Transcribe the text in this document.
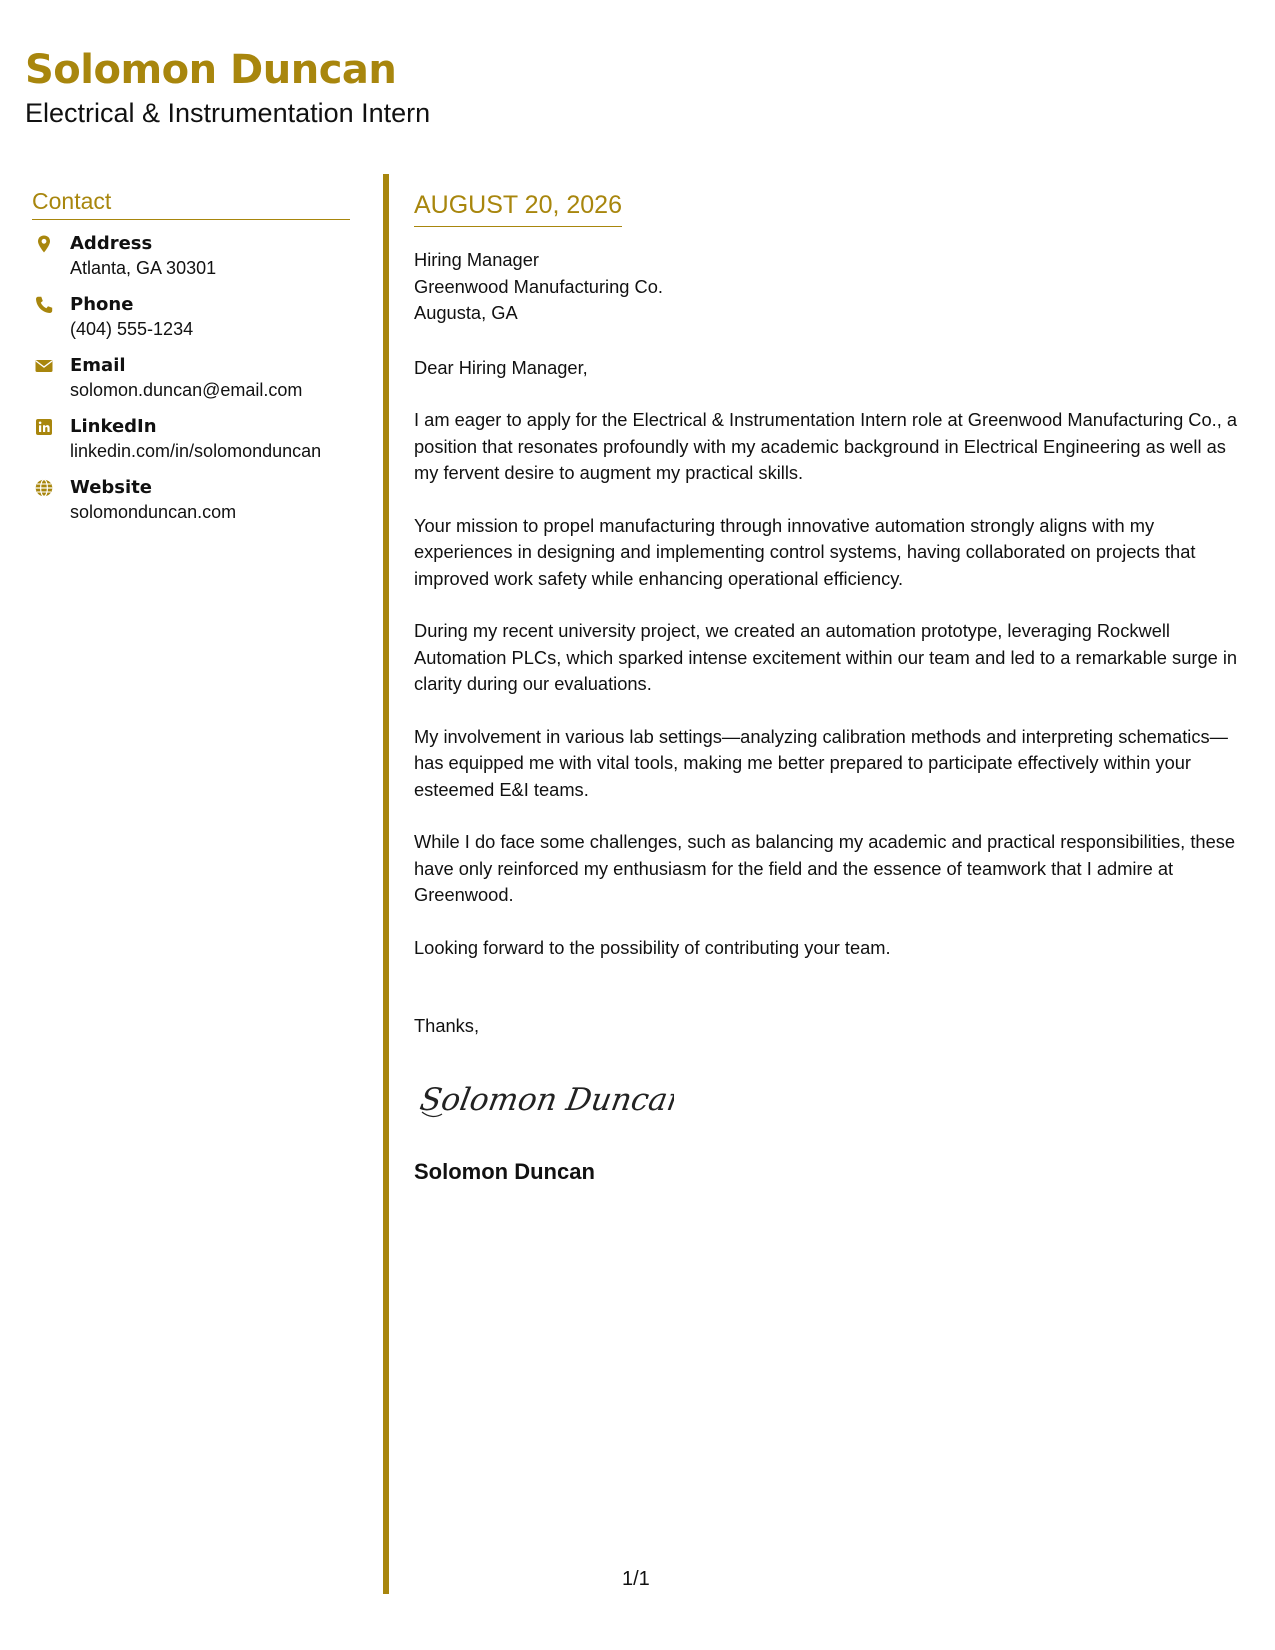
Solomon Duncan
Electrical & Instrumentation Intern
Contact
Address
Atlanta, GA 30301
Phone
(404) 555-1234
Email
solomon.duncan@email.com
LinkedIn
linkedin.com/in/solomonduncan
Website
solomonduncan.com
AUGUST 20, 2026
Hiring Manager
Greenwood Manufacturing Co.
Augusta, GA
Dear Hiring Manager,
I am eager to apply for the Electrical & Instrumentation Intern role at Greenwood Manufacturing Co., a position that resonates profoundly with my academic background in Electrical Engineering as well as my fervent desire to augment my practical skills.
Your mission to propel manufacturing through innovative automation strongly aligns with my experiences in designing and implementing control systems, having collaborated on projects that improved work safety while enhancing operational efficiency.
During my recent university project, we created an automation prototype, leveraging Rockwell Automation PLCs, which sparked intense excitement within our team and led to a remarkable surge in clarity during our evaluations.
My involvement in various lab settings—analyzing calibration methods and interpreting schematics—has equipped me with vital tools, making me better prepared to participate effectively within your esteemed E&I teams.
While I do face some challenges, such as balancing my academic and practical responsibilities, these have only reinforced my enthusiasm for the field and the essence of teamwork that I admire at Greenwood.
Looking forward to the possibility of contributing your team.
Thanks,
Solomon Duncan
Solomon Duncan
1/1
